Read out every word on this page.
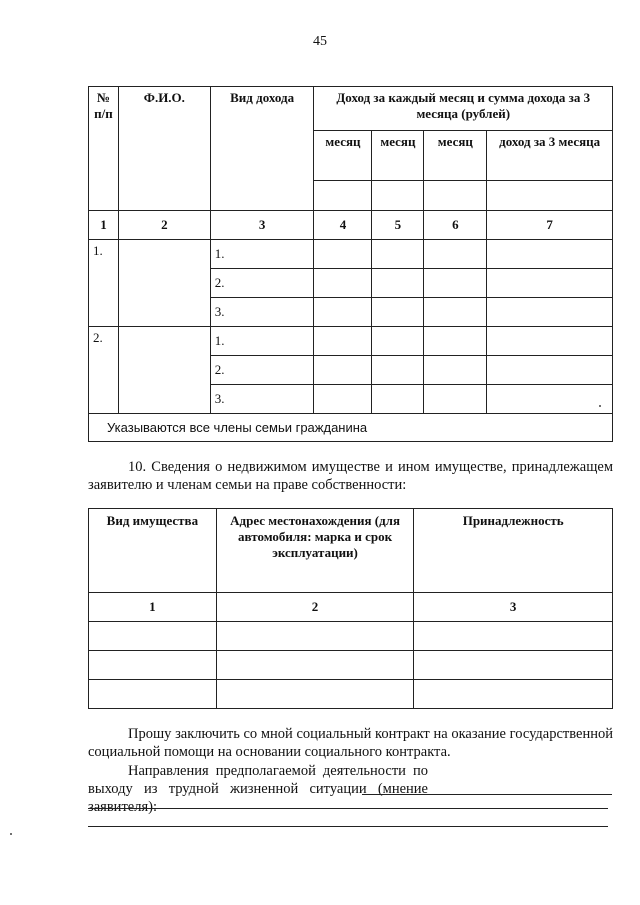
45
№ п/п	Ф.И.О.	Вид дохода	Доход за каждый месяц и сумма дохода за 3 месяца (рублей)			
			месяц	месяц	месяц	доход за 3 месяца

1	2	3	4	5	6	7
1.		1.				
		2.				
		3.				
2.		1.				
		2.				
		3.				
Указываются все члены семьи гражданина						
10. Сведения о недвижимом имуществе и ином имуществе, принадлежащем заявителю и членам семьи на праве собственности:
Вид имущества	Адрес местонахождения (для автомобиля: марка и срок эксплуатации)	Принадлежность
1	2	3

Прошу заключить со мной социальный контракт на оказание государственной социальной помощи на основании социального контракта.
Направления предполагаемой деятельности по выходу из трудной жизненной ситуации (мнение заявителя):
